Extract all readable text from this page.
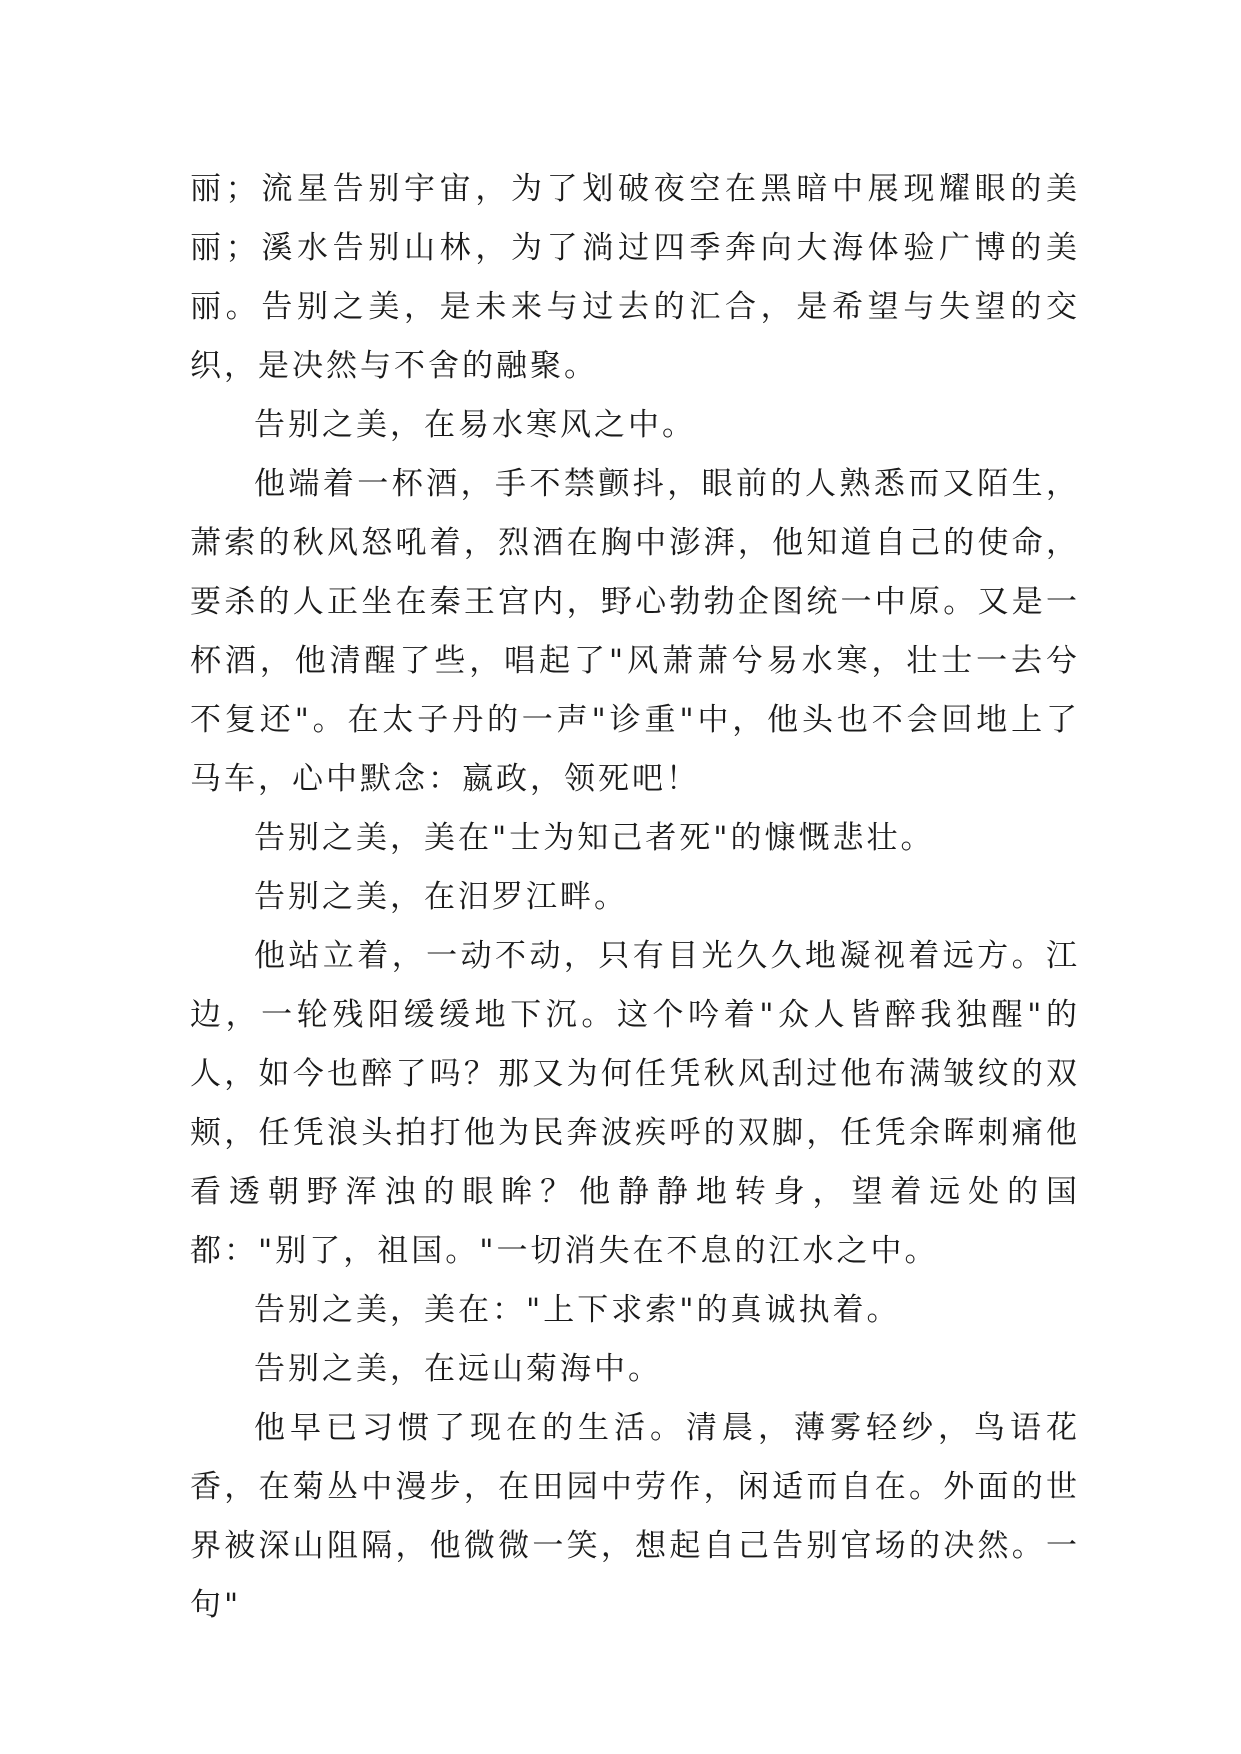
丽；流星告别宇宙，为了划破夜空在黑暗中展现耀眼的美丽；溪水告别山林，为了淌过四季奔向大海体验广博的美丽。告别之美，是未来与过去的汇合，是希望与失望的交织，是决然与不舍的融聚。

告别之美，在易水寒风之中。

他端着一杯酒，手不禁颤抖，眼前的人熟悉而又陌生，萧索的秋风怒吼着，烈酒在胸中澎湃，他知道自己的使命，要杀的人正坐在秦王宫内，野心勃勃企图统一中原。又是一杯酒，他清醒了些，唱起了"风萧萧兮易水寒，壮士一去兮不复还"。在太子丹的一声"诊重"中，他头也不会回地上了马车，心中默念：嬴政，领死吧！

告别之美，美在"士为知己者死"的慷慨悲壮。

告别之美，在汨罗江畔。

他站立着，一动不动，只有目光久久地凝视着远方。江边，一轮残阳缓缓地下沉。这个吟着"众人皆醉我独醒"的人，如今也醉了吗？那又为何任凭秋风刮过他布满皱纹的双颊，任凭浪头拍打他为民奔波疾呼的双脚，任凭余晖刺痛他看透朝野浑浊的眼眸？他静静地转身，望着远处的国都："别了，祖国。"一切消失在不息的江水之中。

告别之美，美在："上下求索"的真诚执着。

告别之美，在远山菊海中。

他早已习惯了现在的生活。清晨，薄雾轻纱，鸟语花香，在菊丛中漫步，在田园中劳作，闲适而自在。外面的世界被深山阻隔，他微微一笑，想起自己告别官场的决然。一句"
